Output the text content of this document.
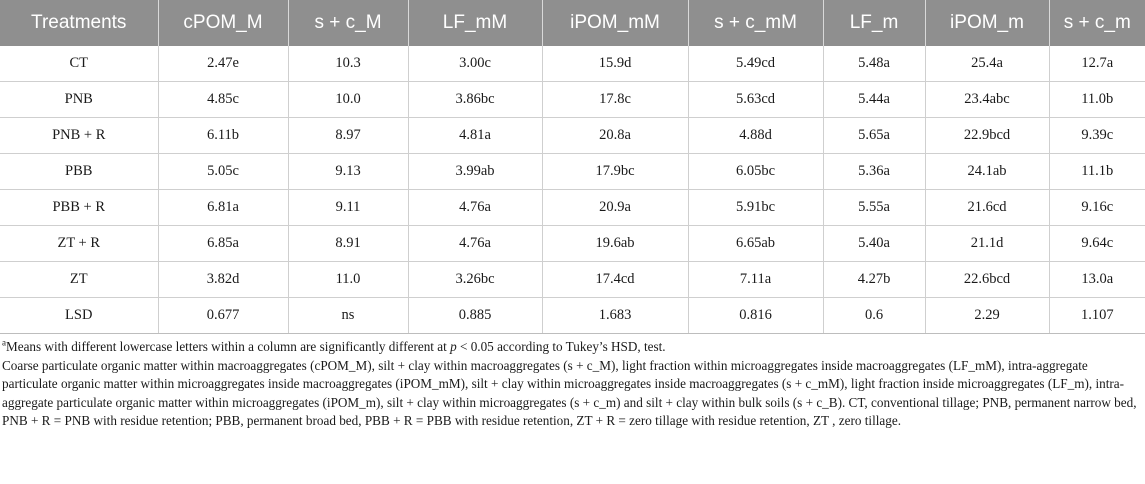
Treatments	cPOM_M	s + c_M	LF_mM	iPOM_mM	s + c_mM	LF_m	iPOM_m	s + c_m
CT	2.47e	10.3	3.00c	15.9d	5.49cd	5.48a	25.4a	12.7a
PNB	4.85c	10.0	3.86bc	17.8c	5.63cd	5.44a	23.4abc	11.0b
PNB + R	6.11b	8.97	4.81a	20.8a	4.88d	5.65a	22.9bcd	9.39c
PBB	5.05c	9.13	3.99ab	17.9bc	6.05bc	5.36a	24.1ab	11.1b
PBB + R	6.81a	9.11	4.76a	20.9a	5.91bc	5.55a	21.6cd	9.16c
ZT + R	6.85a	8.91	4.76a	19.6ab	6.65ab	5.40a	21.1d	9.64c
ZT	3.82d	11.0	3.26bc	17.4cd	7.11a	4.27b	22.6bcd	13.0a
LSD	0.677	ns	0.885	1.683	0.816	0.6	2.29	1.107

$^a$Means with different lowercase letters within a column are significantly different at p < 0.05 according to Tukey’s HSD, test.

Coarse particulate organic matter within macroaggregates (cPOM_M), silt + clay within macroaggregates (s + c_M), light fraction within microaggregates inside macroaggregates (LF_mM), intra-aggregate particulate organic matter within microaggregates inside macroaggregates (iPOM_mM), silt + clay within microaggregates inside macroaggregates (s + c_mM), light fraction inside microaggregates (LF_m), intra-aggregate particulate organic matter within microaggregates (iPOM_m), silt + clay within microaggregates (s + c_m) and silt + clay within bulk soils (s + c_B). CT, conventional tillage; PNB, permanent narrow bed, PNB + R = PNB with residue retention; PBB, permanent broad bed, PBB + R = PBB with residue retention, ZT + R = zero tillage with residue retention, ZT , zero tillage.
